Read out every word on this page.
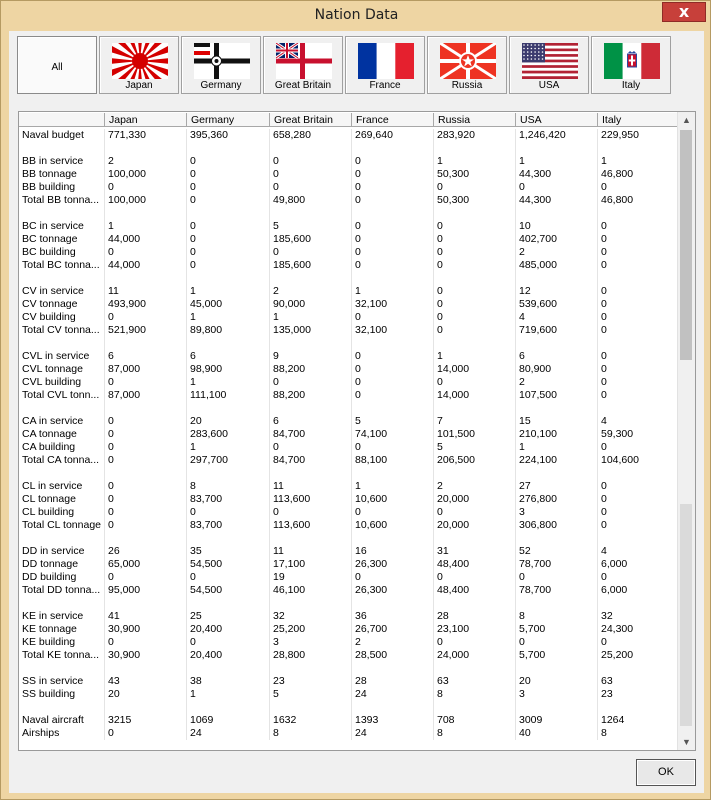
Nation Data	x
All
Japan	Germany	Great Britain	France	Russia	USA	Italy
Japan	Germany	Great Britain	France	Russia	USA	Italy
Naval budget	771,330	395,360	658,280	269,640	283,920	1,246,420	229,950
BB in service	2	0	0	0	1	1	1
BB tonnage	100,000	0	0	0	50,300	44,300	46,800
BB building	0	0	0	0	0	0	0
Total BB tonna... 100,000	0	49,800	0	50,300	44,300	46,800
BC in service	1	0	5	0	0	10	0
BC tonnage	44,000	0	185,600	0	0	402,700	0
BC building	0	0	0	0	0	2	0
Total BC tonna... 44,000	0	185,600	0	0	485,000	0
CV in service	11	1	2	1	0	12	0
CV tonnage	493,900	45,000	90,000	32,100	0	539,600	0
CV building	0	1	1	0	0	4	0
Total CV tonna... 521,900	89,800	135,000	32,100	0	719,600	0
CVL in service	6	6	9	0	1	6	0
CVL tonnage	87,000	98,900	88,200	0	14,000	80,900	0
CVL building	0	1	0	0	0	2	0
Total CVL tonn... 87,000	111,100	88,200	0	14,000	107,500	0
CA in service	0	20	6	5	7	15	4
CA tonnage	0	283,600	84,700	74,100	101,500	210,100	59,300
CA building	0	1	0	0	5	1	0
Total CA tonna... 0	297,700	84,700	88,100	206,500	224,100	104,600
CL in service	0	8	11	1	2	27	0
CL tonnage	0	83,700	113,600	10,600	20,000	276,800	0
CL building	0	0	0	0	0	3	0
Total CL tonnage 0	83,700	113,600	10,600	20,000	306,800	0
DD in service	26	35	11	16	31	52	4
DD tonnage	65,000	54,500	17,100	26,300	48,400	78,700	6,000
DD building	0	0	19	0	0	0	0
Total DD tonna... 95,000	54,500	46,100	26,300	48,400	78,700	6,000
KE in service	41	25	32	36	28	8	32
KE tonnage	30,900	20,400	25,200	26,700	23,100	5,700	24,300
KE building	0	0	3	2	0	0	0
Total KE tonna... 30,900	20,400	28,800	28,500	24,000	5,700	25,200
SS in service	43	38	23	28	63	20	63
SS building	20	1	5	24	8	3	23
Naval aircraft	3215	1069	1632	1393	708	3009	1264
Airships	0	24	8	24	8	40	8
▲
▼
OK
